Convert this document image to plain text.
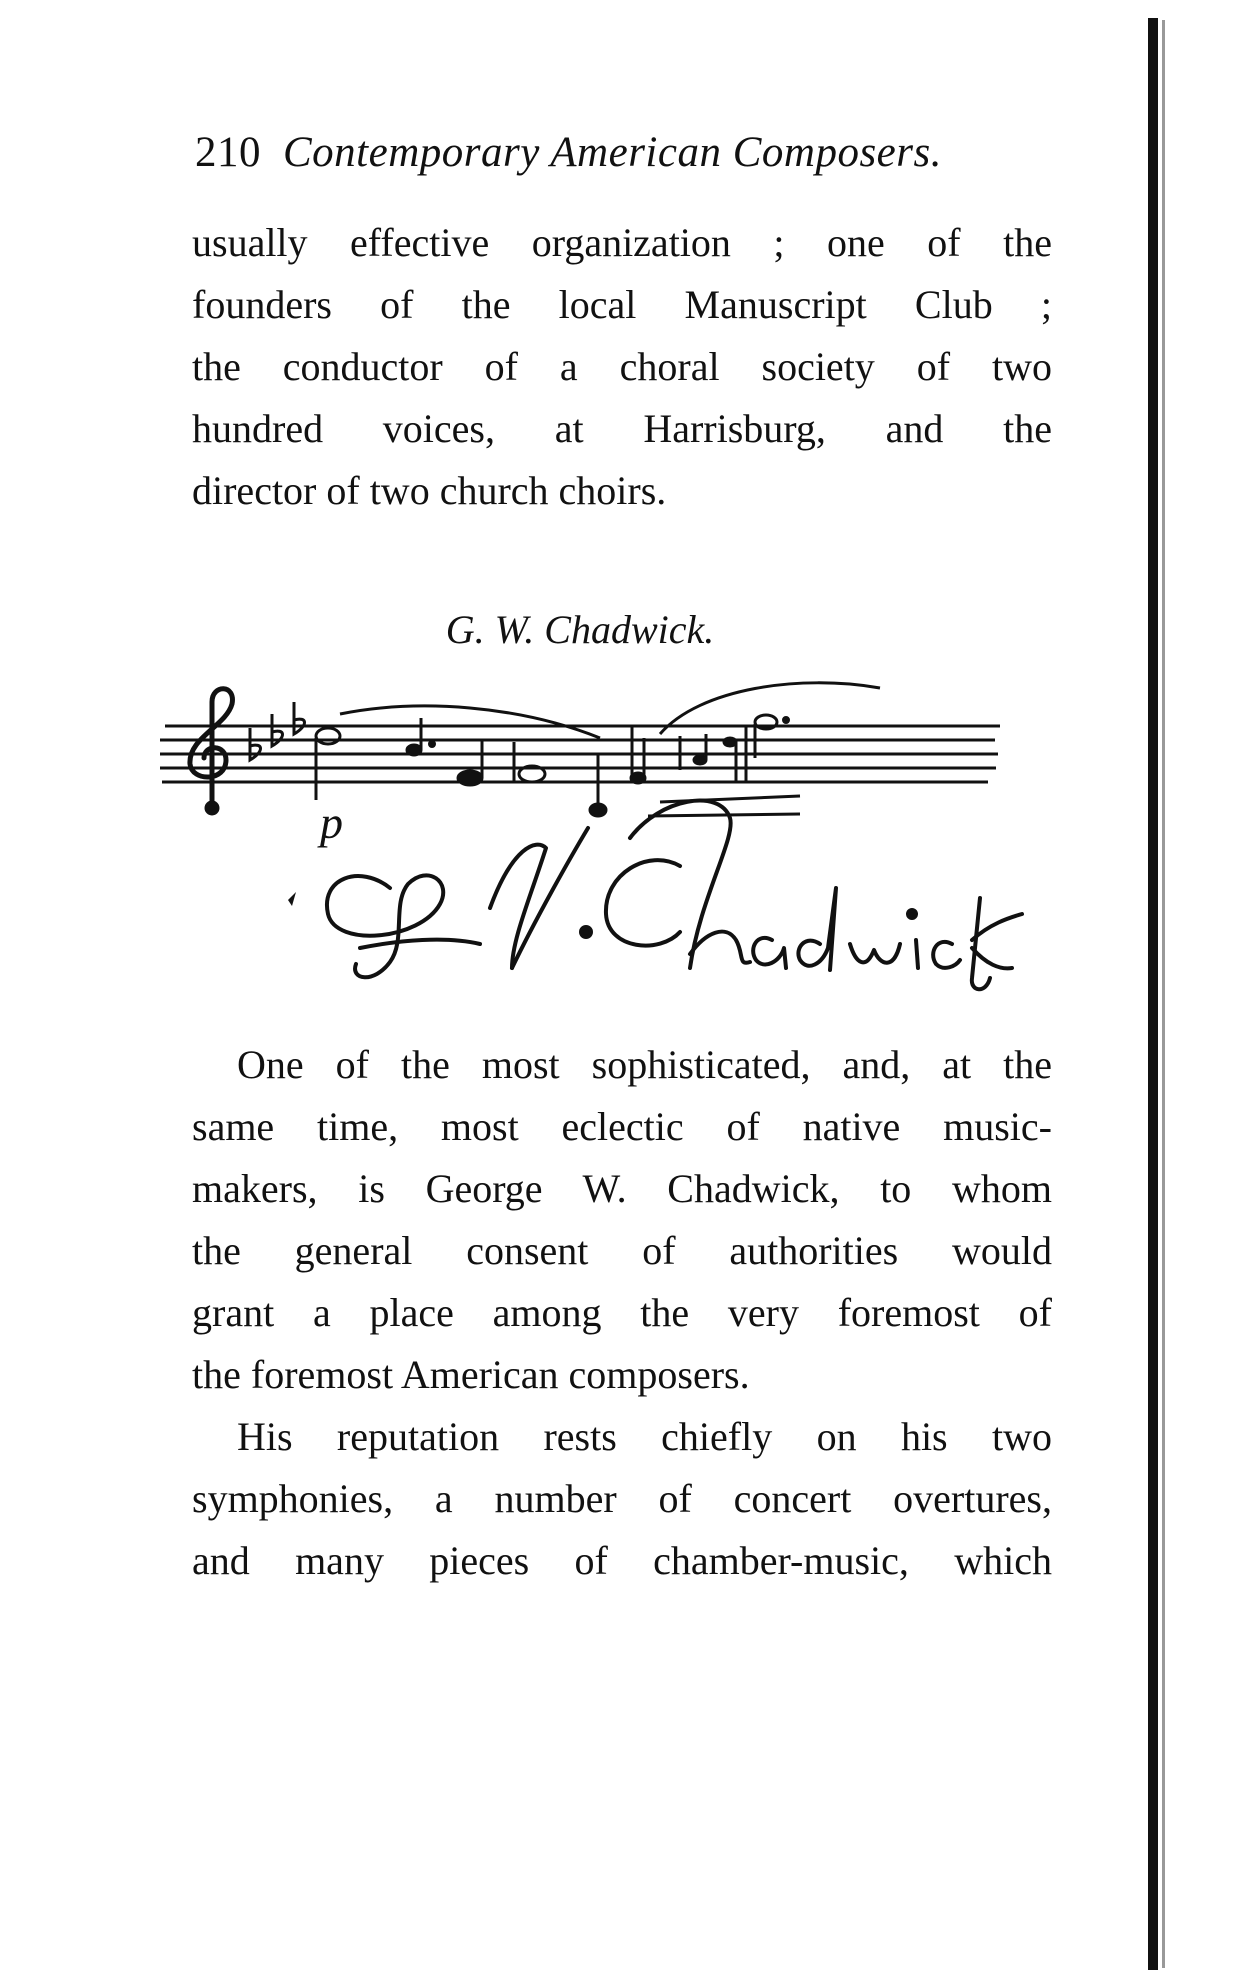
210 Contemporary American Composers.
usually effective organization ; one of the
founders of the local Manuscript Club ;
the conductor of a choral society of two
hundred voices, at Harrisburg, and the
director of two church choirs.
G. W. Chadwick.
p
One of the most sophisticated, and, at the
same time, most eclectic of native music-
makers, is George W. Chadwick, to whom
the general consent of authorities would
grant a place among the very foremost of
the foremost American composers.
His reputation rests chiefly on his two
symphonies, a number of concert overtures,
and many pieces of chamber-music, which
